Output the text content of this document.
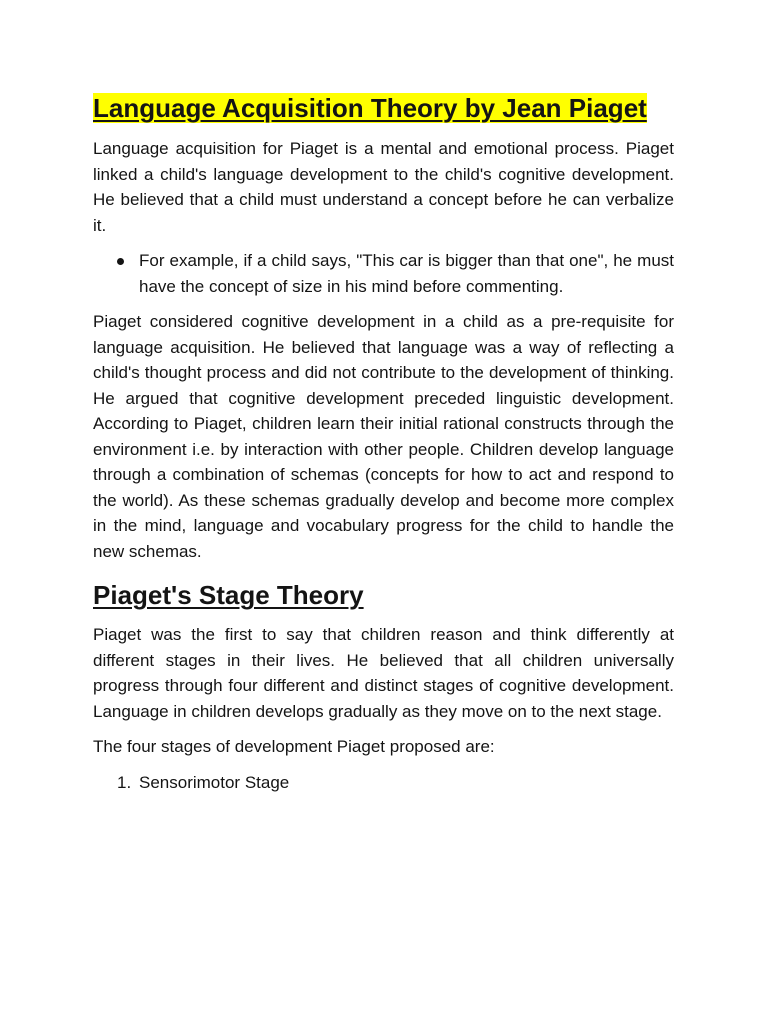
Language Acquisition Theory by Jean Piaget

Language acquisition for Piaget is a mental and emotional process. Piaget linked a child's language development to the child's cognitive development. He believed that a child must understand a concept before he can verbalize it.

For example, if a child says, "This car is bigger than that one", he must have the concept of size in his mind before commenting.

Piaget considered cognitive development in a child as a pre-requisite for language acquisition. He believed that language was a way of reflecting a child's thought process and did not contribute to the development of thinking. He argued that cognitive development preceded linguistic development. According to Piaget, children learn their initial rational constructs through the environment i.e. by interaction with other people. Children develop language through a combination of schemas (concepts for how to act and respond to the world). As these schemas gradually develop and become more complex in the mind, language and vocabulary progress for the child to handle the new schemas.

Piaget's Stage Theory

Piaget was the first to say that children reason and think differently at different stages in their lives. He believed that all children universally progress through four different and distinct stages of cognitive development. Language in children develops gradually as they move on to the next stage.

The four stages of development Piaget proposed are:

1. Sensorimotor Stage
